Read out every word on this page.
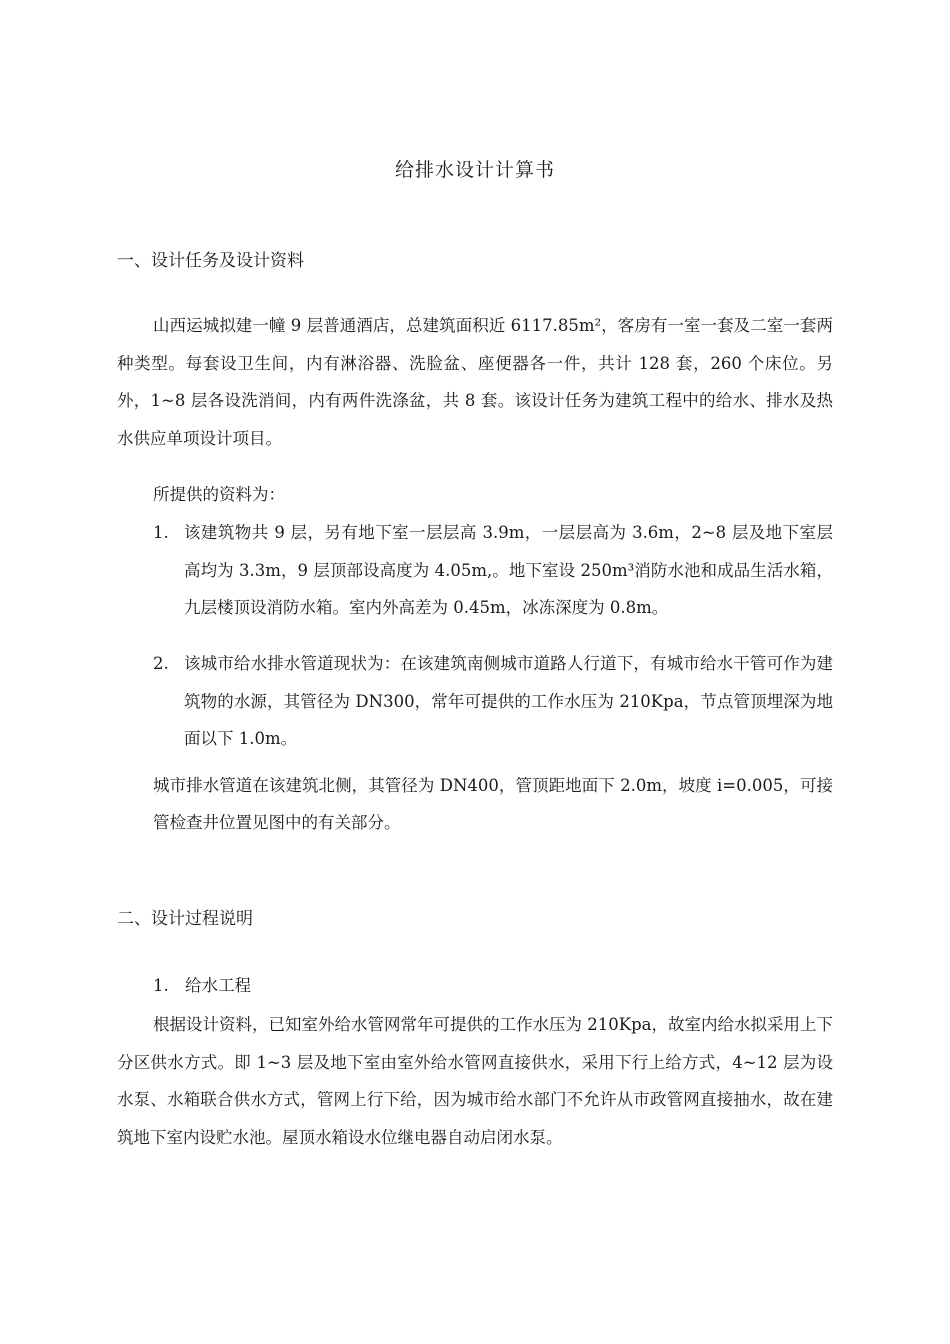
给排水设计计算书
一、设计任务及设计资料
山西运城拟建一幢 9 层普通酒店，总建筑面积近 6117.85m²，客房有一室一套及二室一套两种类型。每套设卫生间，内有淋浴器、洗脸盆、座便器各一件，共计 128 套，260 个床位。另外，1~8 层各设洗消间，内有两件洗涤盆，共 8 套。该设计任务为建筑工程中的给水、排水及热水供应单项设计项目。
所提供的资料为：
1. 该建筑物共 9 层，另有地下室一层层高 3.9m，一层层高为 3.6m，2~8 层及地下室层高均为 3.3m，9 层顶部设高度为 4.05m,。地下室设 250m³消防水池和成品生活水箱，九层楼顶设消防水箱。室内外高差为 0.45m，冰冻深度为 0.8m。
2. 该城市给水排水管道现状为：在该建筑南侧城市道路人行道下，有城市给水干管可作为建筑物的水源，其管径为 DN300，常年可提供的工作水压为 210Kpa，节点管顶埋深为地面以下 1.0m。
城市排水管道在该建筑北侧，其管径为 DN400，管顶距地面下 2.0m，坡度 i=0.005，可接管检查井位置见图中的有关部分。
二、设计过程说明
1. 给水工程
根据设计资料，已知室外给水管网常年可提供的工作水压为 210Kpa，故室内给水拟采用上下分区供水方式。即 1~3 层及地下室由室外给水管网直接供水，采用下行上给方式，4~12 层为设水泵、水箱联合供水方式，管网上行下给，因为城市给水部门不允许从市政管网直接抽水，故在建筑地下室内设贮水池。屋顶水箱设水位继电器自动启闭水泵。
